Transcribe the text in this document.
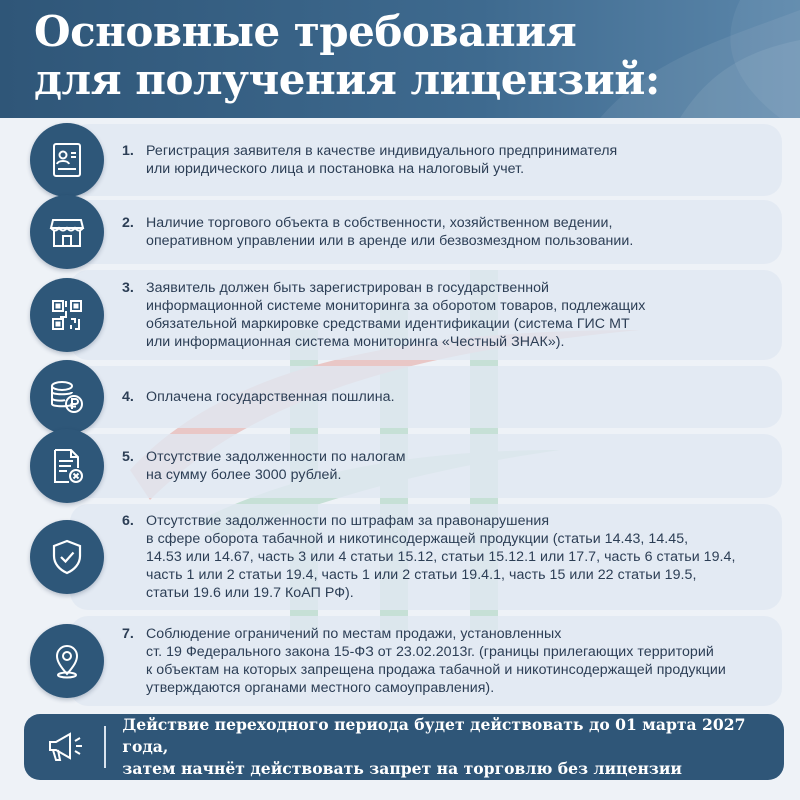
Основные требования
для получения лицензий:
1. Регистрация заявителя в качестве индивидуального предпринимателя
или юридического лица и постановка на налоговый учет.
2. Наличие торгового объекта в собственности, хозяйственном ведении,
оперативном управлении или в аренде или безвозмездном пользовании.
3. Заявитель должен быть зарегистрирован в государственной
информационной системе мониторинга за оборотом товаров, подлежащих
обязательной маркировке средствами идентификации (система ГИС МТ
или информационная система мониторинга «Честный ЗНАК»).
4. Оплачена государственная пошлина.
5. Отсутствие задолженности по налогам
на сумму более 3000 рублей.
6. Отсутствие задолженности по штрафам за правонарушения
в сфере оборота табачной и никотинсодержащей продукции (статьи 14.43, 14.45,
14.53 или 14.67, часть 3 или 4 статьи 15.12, статьи 15.12.1 или 17.7, часть 6 статьи 19.4,
часть 1 или 2 статьи 19.4, часть 1 или 2 статьи 19.4.1, часть 15 или 22 статьи 19.5,
статьи 19.6 или 19.7 КоАП РФ).
7. Соблюдение ограничений по местам продажи, установленных
ст. 19 Федерального закона 15-ФЗ от 23.02.2013г. (границы прилегающих территорий
к объектам на которых запрещена продажа табачной и никотинсодержащей продукции
утверждаются органами местного самоуправления).
Действие переходного периода будет действовать до 01 марта 2027 года,
затем начнёт действовать запрет на торговлю без лицензии
